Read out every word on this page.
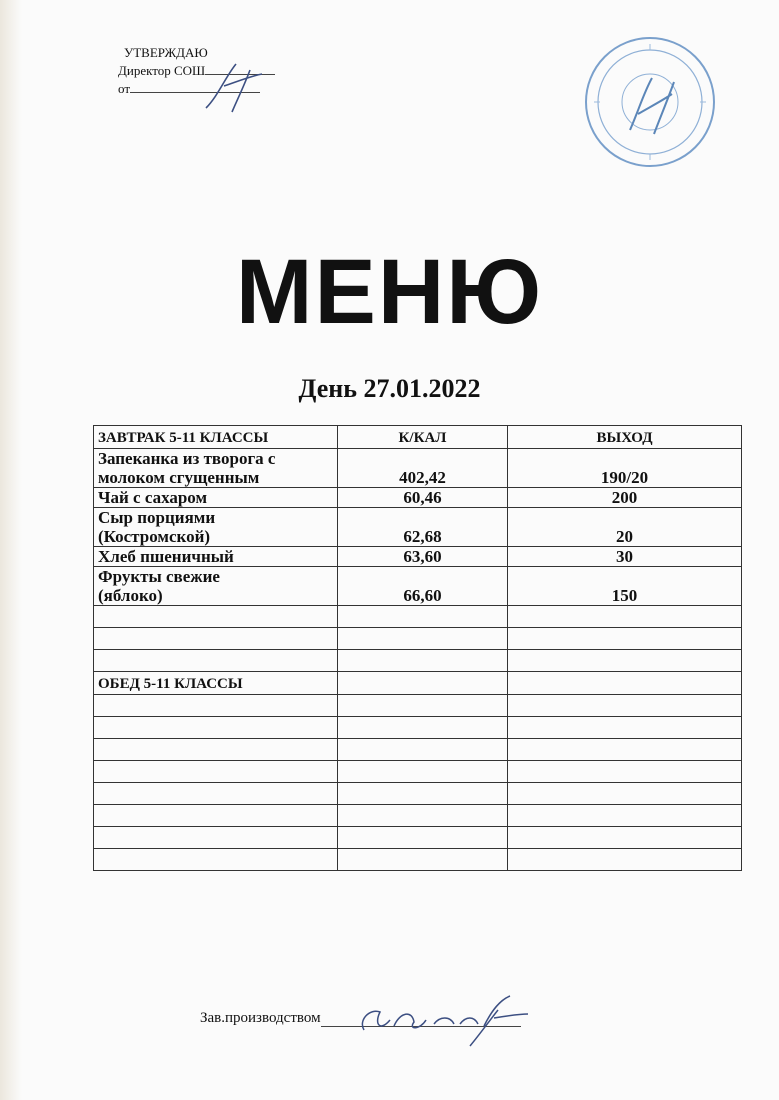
УТВЕРЖДАЮ
Директор СОШ
от
МЕНЮ
День 27.01.2022
ЗАВТРАК 5-11 КЛАССЫ	К/КАЛ	ВЫХОД

Запеканка из творога с
молоком сгущенным	402,42	190/20
Чай с сахаром	60,46	200

Сыр порциями
(Костромской)	62,68	20
Хлеб пшеничный	63,60	30

Фрукты свежие
(яблоко)	66,60	150

ОБЕД 5-11 КЛАССЫ		

Зав.производством
